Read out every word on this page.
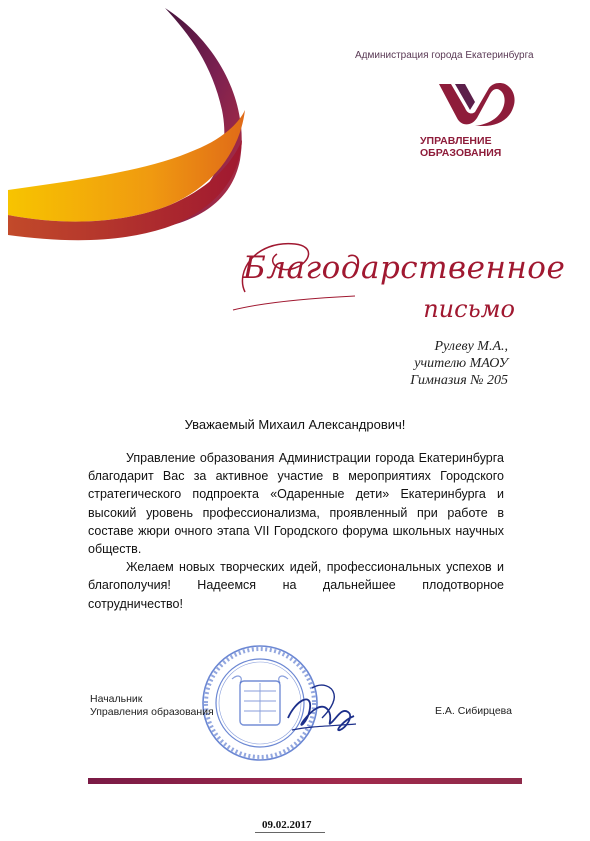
Администрация города Екатеринбурга
УПРАВЛЕНИЕ
ОБРАЗОВАНИЯ
Благодарственное
письмо
Рулеву М.А.,
учителю МАОУ
Гимназия № 205
Уважаемый Михаил Александрович!

Управление образования Администрации города Екатеринбурга благодарит Вас за активное участие в мероприятиях Городского стратегического подпроекта «Одаренные дети» Екатеринбурга и высокий уровень профессионализма, проявленный при работе в составе жюри очного этапа VII Городского форума школьных научных обществ.

Желаем новых творческих идей, профессиональных успехов и благополучия! Надеемся на дальнейшее плодотворное сотрудничество!

Начальник
Управления образования	Е.А. Сибирцева
09.02.2017
